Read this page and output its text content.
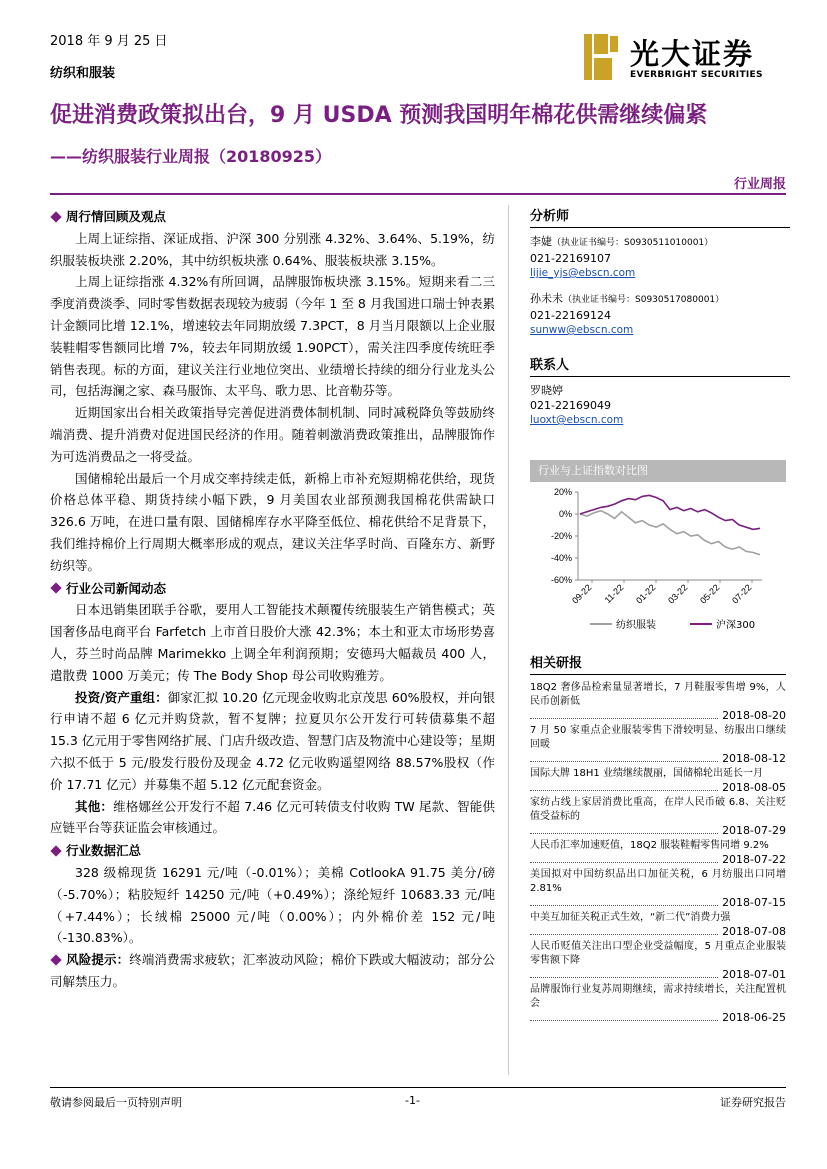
2018 年 9 月 25 日
纺织和服装
光大证券
EVERBRIGHT SECURITIES
促进消费政策拟出台，9 月 USDA 预测我国明年棉花供需继续偏紧
——纺织服装行业周报（20180925）
行业周报
周行情回顾及观点

上周上证综指、深证成指、沪深 300 分别涨 4.32%、3.64%、5.19%，纺织服装板块涨 2.20%，其中纺织板块涨 0.64%、服装板块涨 3.15%。

上周上证综指涨 4.32%有所回调，品牌服饰板块涨 3.15%。短期来看二三季度消费淡季、同时零售数据表现较为疲弱（今年 1 至 8 月我国进口瑞士钟表累计金额同比增 12.1%，增速较去年同期放缓 7.3PCT，8 月当月限额以上企业服装鞋帽零售额同比增 7%，较去年同期放缓 1.90PCT），需关注四季度传统旺季销售表现。标的方面，建议关注行业地位突出、业绩增长持续的细分行业龙头公司，包括海澜之家、森马服饰、太平鸟、歌力思、比音勒芬等。

近期国家出台相关政策指导完善促进消费体制机制、同时减税降负等鼓励终端消费、提升消费对促进国民经济的作用。随着刺激消费政策推出，品牌服饰作为可选消费品之一将受益。

国储棉轮出最后一个月成交率持续走低，新棉上市补充短期棉花供给，现货价格总体平稳、期货持续小幅下跌，9 月美国农业部预测我国棉花供需缺口 326.6 万吨，在进口量有限、国储棉库存水平降至低位、棉花供给不足背景下，我们维持棉价上行周期大概率形成的观点，建议关注华孚时尚、百隆东方、新野纺织等。

行业公司新闻动态

日本迅销集团联手谷歌，要用人工智能技术颠覆传统服装生产销售模式；英国奢侈品电商平台 Farfetch 上市首日股价大涨 42.3%；本土和亚太市场形势喜人，芬兰时尚品牌 Marimekko 上调全年利润预期；安德玛大幅裁员 400 人，遣散费 1000 万美元；传 The Body Shop 母公司收购雅芳。

投资/资产重组：御家汇拟 10.20 亿元现金收购北京茂思 60%股权，并向银行申请不超 6 亿元并购贷款，暂不复牌；拉夏贝尔公开发行可转债募集不超 15.3 亿元用于零售网络扩展、门店升级改造、智慧门店及物流中心建设等；星期六拟不低于 5 元/股发行股份及现金 4.72 亿元收购遥望网络 88.57%股权（作价 17.71 亿元）并募集不超 5.12 亿元配套资金。

其他：维格娜丝公开发行不超 7.46 亿元可转债支付收购 TW 尾款、智能供应链平台等获证监会审核通过。

行业数据汇总

328 级棉现货 16291 元/吨（-0.01%）；美棉 CotlookA 91.75 美分/磅（-5.70%）；粘胶短纤 14250 元/吨（+0.49%）；涤纶短纤 10683.33 元/吨（+7.44%）；长绒棉 25000 元/吨（0.00%）；内外棉价差 152 元/吨（-130.83%）。

风险提示：终端消费需求疲软；汇率波动风险；棉价下跌或大幅波动；部分公司解禁压力。

分析师
李婕（执业证书编号：S0930511010001）
021-22169107
lijie_yjs@ebscn.com
孙未未（执业证书编号：S0930517080001）
021-22169124
sunww@ebscn.com
联系人
罗晓婷
021-22169049
luoxt@ebscn.com
行业与上证指数对比图
20%
0%
-20%
-40%
-60%
09-22 11-22 01-22 03-22 05-22 07-22
纺织服装	沪深300
相关研报
18Q2 奢侈品检索量显著增长，7 月鞋服零售增 9%，人民币创新低
2018-08-20
7 月 50 家重点企业服装零售下滑较明显、纺服出口继续回暖
2018-08-12
国际大牌 18H1 业绩继续靓丽，国储棉轮出延长一月
2018-08-05
家纺占线上家居消费比重高，在岸人民币破 6.8、关注贬值受益标的
2018-07-29
人民币汇率加速贬值，18Q2 服装鞋帽零售同增 9.2%
2018-07-22
美国拟对中国纺织品出口加征关税，6 月纺服出口同增 2.81%
2018-07-15
中美互加征关税正式生效，“新二代”消费力强
2018-07-08
人民币贬值关注出口型企业受益幅度，5 月重点企业服装零售额下降
2018-07-01
品牌服饰行业复苏周期继续，需求持续增长，关注配置机会
2018-06-25
敬请参阅最后一页特别声明	-1-	证券研究报告
